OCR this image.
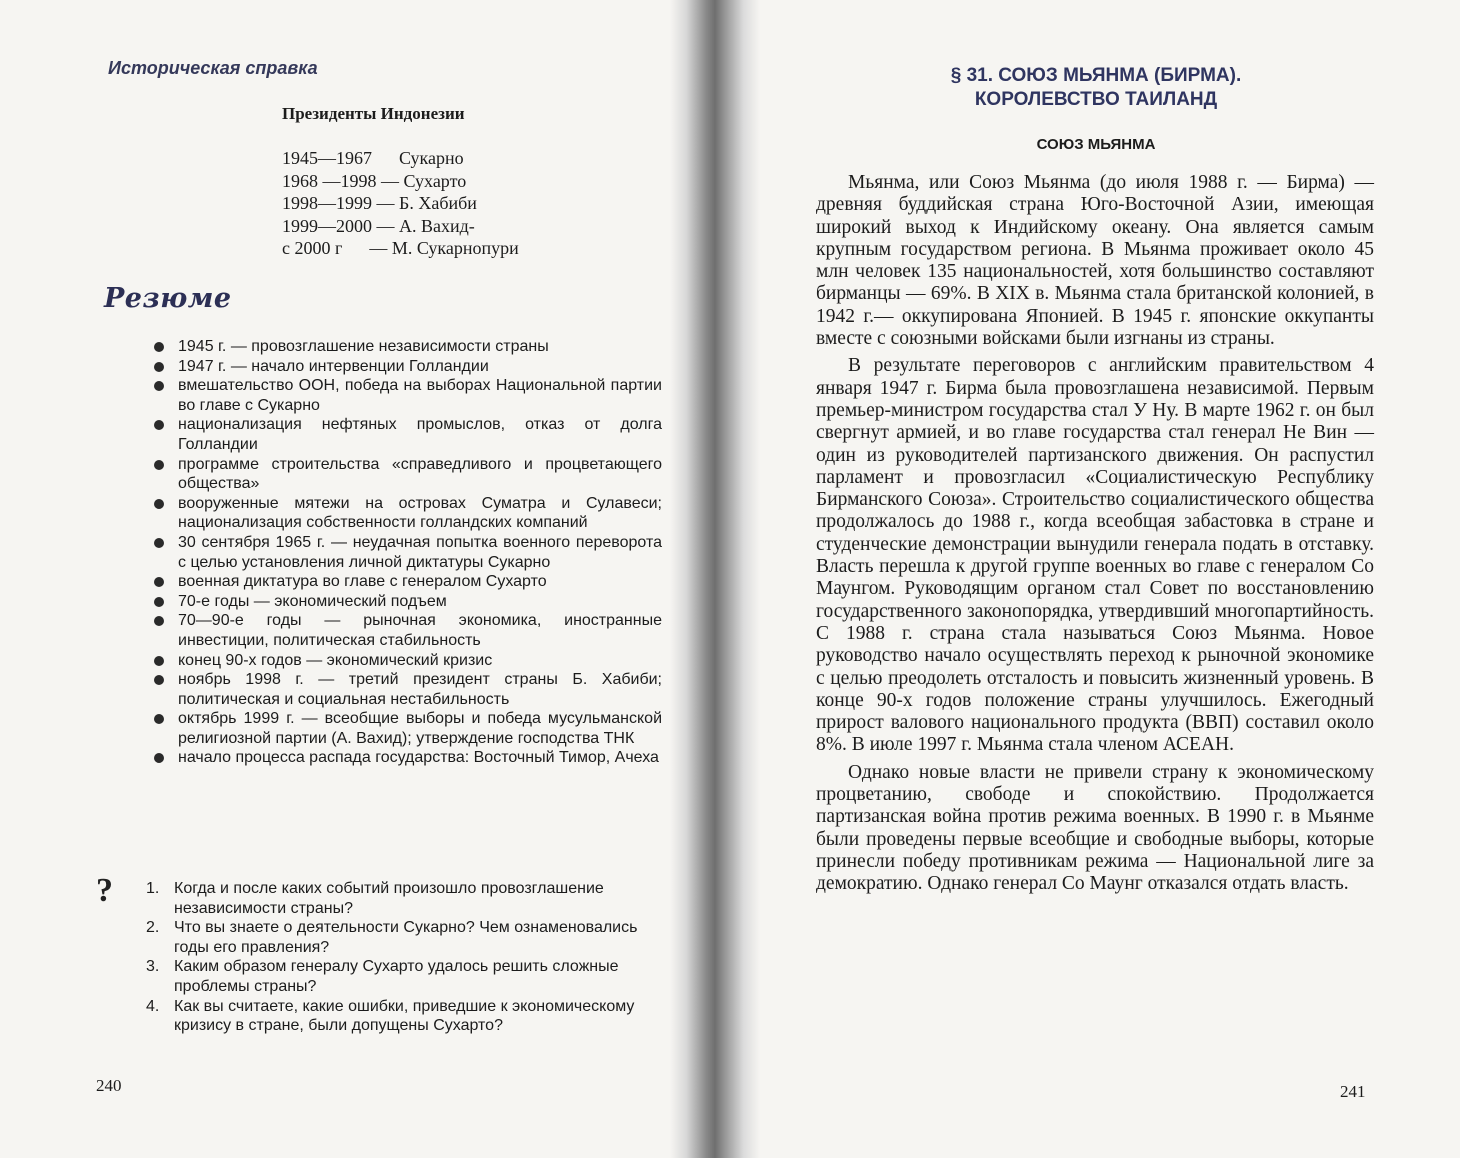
Историческая справка
Президенты Индонезии
1945—1967      Сукарно
1968 —1998 — Сухарто
1998—1999 — Б. Хабиби
1999—2000 — А. Вахид-
с 2000 г      — М. Сукарнопури
Резюме
1945 г. — провозглашение независимости страны
1947 г. — начало интервенции Голландии
вмешательство ООН, победа на выборах Национальной партии во главе с Сукарно
национализация нефтяных промыслов, отказ от долга Голландии
программе строительства «справедливого и процветающего общества»
вооруженные мятежи на островах Суматра и Сулавеси; национализация собственности голландских компаний
30 сентября 1965 г. — неудачная попытка военного переворота с целью установления личной диктатуры Сукарно
военная диктатура во главе с генералом Сухарто
70-е годы — экономический подъем
70—90-е годы — рыночная экономика, иностранные инвестиции, политическая стабильность
конец 90-х годов — экономический кризис
ноябрь 1998 г. — третий президент страны Б. Хабиби; политическая и социальная нестабильность
октябрь 1999 г. — всеобщие выборы и победа мусульманской религиозной партии (А. Вахид); утверждение господства ТНК
начало процесса распада государства: Восточный Тимор, Ачеха
? 1. Когда и после каких событий произошло провозглашение независимости страны?
2. Что вы знаете о деятельности Сукарно? Чем ознаменовались годы его правления?
3. Каким образом генералу Сухарто удалось решить сложные проблемы страны?
4. Как вы считаете, какие ошибки, приведшие к экономическому кризису в стране, были допущены Сухарто?
240
§ 31. СОЮЗ МЬЯНМА (БИРМА).
КОРОЛЕВСТВО ТАИЛАНД
СОЮЗ МЬЯНМА

Мьянма, или Союз Мьянма (до июля 1988 г. — Бирма) — древняя буддийская страна Юго-Восточной Азии, имеющая широкий выход к Индийскому океану. Она является самым крупным государством региона. В Мьянма проживает около 45 млн человек 135 национальностей, хотя большинство составляют бирманцы — 69%. В XIX в. Мьянма стала британской колонией, в 1942 г.— оккупирована Японией. В 1945 г. японские оккупанты вместе с союзными войсками были изгнаны из страны.

В результате переговоров с английским правительством 4 января 1947 г. Бирма была провозглашена независимой. Первым премьер-министром государства стал У Ну. В марте 1962 г. он был свергнут армией, и во главе государства стал генерал Не Вин — один из руководителей партизанского движения. Он распустил парламент и провозгласил «Социалистическую Республику Бирманского Союза». Строительство социалистического общества продолжалось до 1988 г., когда всеобщая забастовка в стране и студенческие демонстрации вынудили генерала подать в отставку. Власть перешла к другой группе военных во главе с генералом Со Маунгом. Руководящим органом стал Совет по восстановлению государственного законопорядка, утвердивший многопартийность. С 1988 г. страна стала называться Союз Мьянма. Новое руководство начало осуществлять переход к рыночной экономике с целью преодолеть отсталость и повысить жизненный уровень. В конце 90-х годов положение страны улучшилось. Ежегодный прирост валового национального продукта (ВВП) составил около 8%. В июле 1997 г. Мьянма стала членом АСЕАН.

Однако новые власти не привели страну к экономическому процветанию, свободе и спокойствию. Продолжается партизанская война против режима военных. В 1990 г. в Мьянме были проведены первые всеобщие и свободные выборы, которые принесли победу противникам режима — Национальной лиге за демократию. Однако генерал Со Маунг отказался отдать власть.

241
